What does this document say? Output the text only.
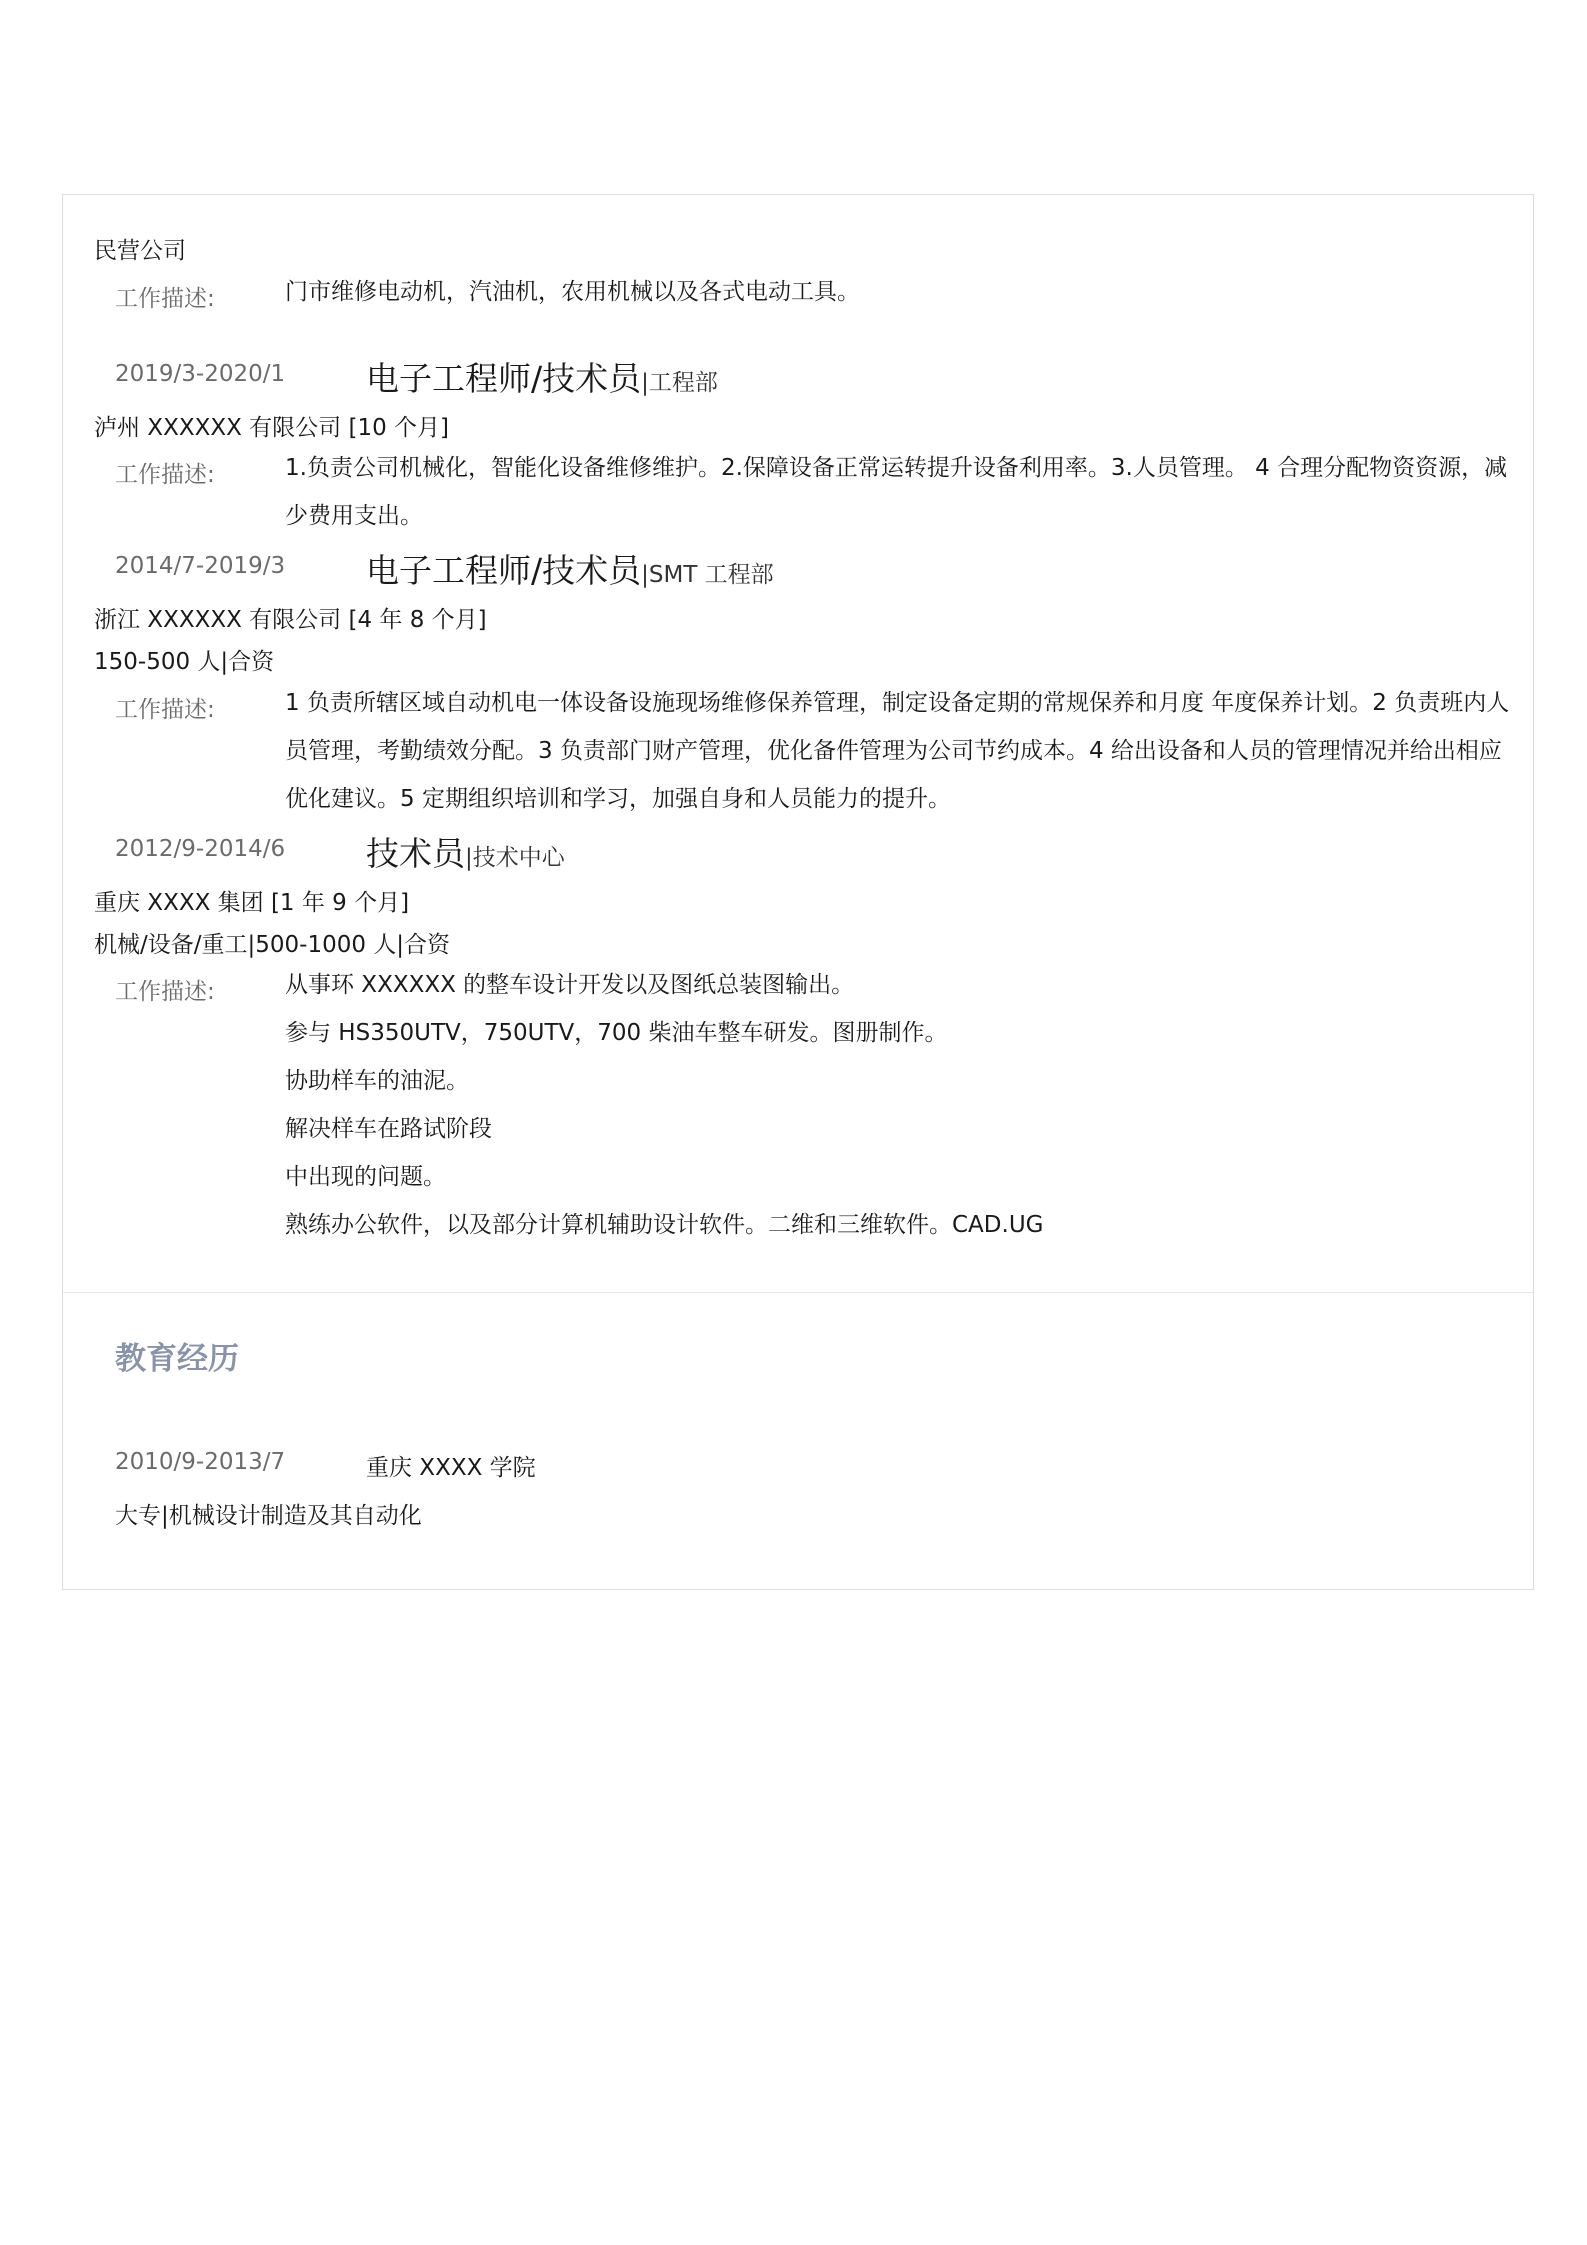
民营公司
工作描述:	门市维修电动机，汽油机，农用机械以及各式电动工具。
2019/3-2020/1 电子工程师/技术员|工程部
泸州 XXXXXX 有限公司 [10 个月]
工作描述:	1.负责公司机械化，智能化设备维修维护。2.保障设备正常运转提升设备利用率。3.人员管理。 4 合理分配物资资源，减少费用支出。
2014/7-2019/3 电子工程师/技术员|SMT 工程部
浙江 XXXXXX 有限公司 [4 年 8 个月]
150-500 人|合资
工作描述:	1 负责所辖区域自动机电一体设备设施现场维修保养管理，制定设备定期的常规保养和月度 年度保养计划。2 负责班内人员管理，考勤绩效分配。3 负责部门财产管理，优化备件管理为公司节约成本。4 给出设备和人员的管理情况并给出相应优化建议。5 定期组织培训和学习，加强自身和人员能力的提升。
2012/9-2014/6 技术员|技术中心
重庆 XXXX 集团 [1 年 9 个月]
机械/设备/重工|500-1000 人|合资
工作描述:	从事环 XXXXXX 的整车设计开发以及图纸总装图输出。
参与 HS350UTV，750UTV，700 柴油车整车研发。图册制作。
协助样车的油泥。
解决样车在路试阶段
中出现的问题。
熟练办公软件，以及部分计算机辅助设计软件。二维和三维软件。CAD.UG
教育经历
2010/9-2013/7	重庆 XXXX 学院
大专|机械设计制造及其自动化
